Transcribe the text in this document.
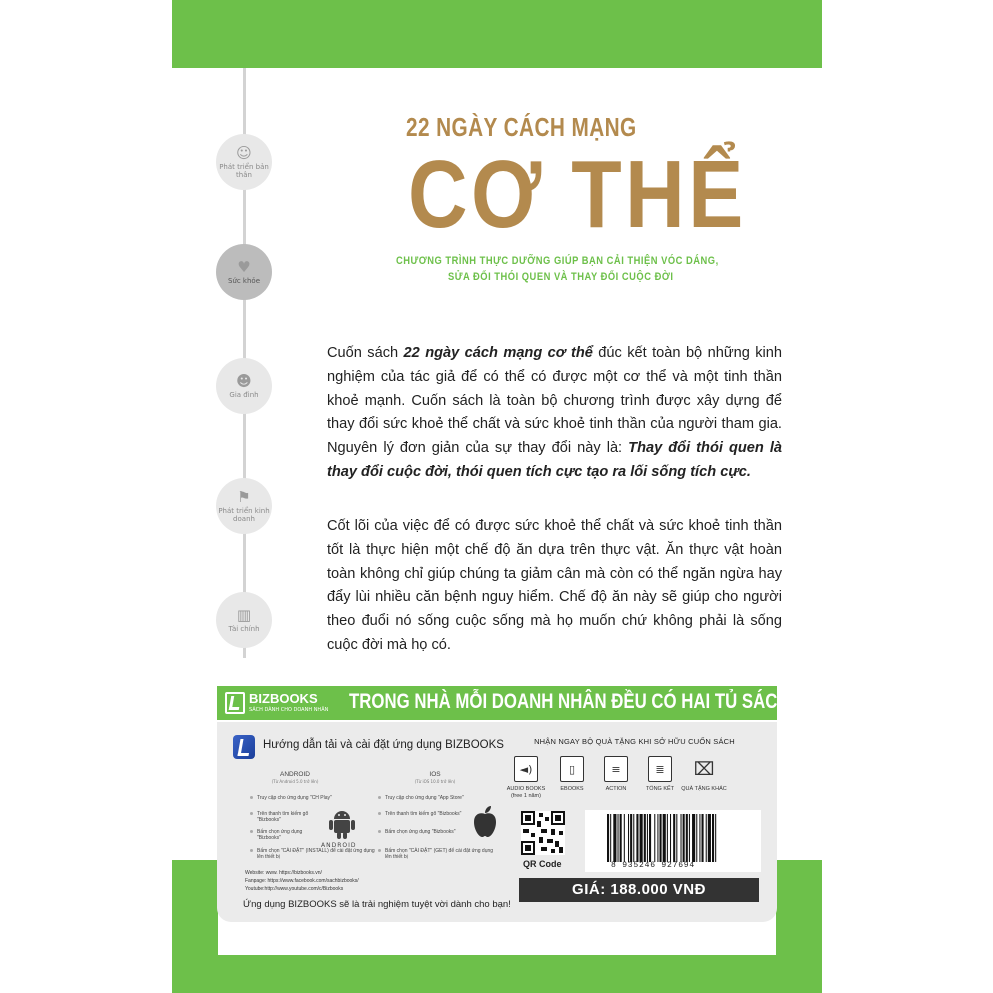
☺
Phát triển bản thân
♥
Sức khỏe
☻
Gia đình
⚑
Phát triển kinh doanh
▥
Tài chính
22 NGÀY CÁCH MẠNG
CƠ THỂ
CHƯƠNG TRÌNH THỰC DƯỠNG GIÚP BẠN CẢI THIỆN VÓC DÁNG,
SỬA ĐỔI THÓI QUEN VÀ THAY ĐỔI CUỘC ĐỜI

Cuốn sách 22 ngày cách mạng cơ thể đúc kết toàn bộ những kinh nghiệm của tác giả để có thể có được một cơ thể và một tinh thần khoẻ mạnh. Cuốn sách là toàn bộ chương trình được xây dựng để thay đổi sức khoẻ thể chất và sức khoẻ tinh thần của người tham gia. Nguyên lý đơn giản của sự thay đổi này là: Thay đổi thói quen là thay đổi cuộc đời, thói quen tích cực tạo ra lối sống tích cực.

Cốt lõi của việc để có được sức khoẻ thể chất và sức khoẻ tinh thần tốt là thực hiện một chế độ ăn dựa trên thực vật. Ăn thực vật hoàn toàn không chỉ giúp chúng ta giảm cân mà còn có thể ngăn ngừa hay đẩy lùi nhiều căn bệnh nguy hiểm. Chế độ ăn này sẽ giúp cho người theo đuổi nó sống cuộc sống mà họ muốn chứ không phải là sống cuộc đời mà họ có.

BIZBOOKS
SÁCH DÀNH CHO DOANH NHÂN TRONG NHÀ MỖI DOANH NHÂN ĐỀU CÓ HAI TỦ SÁCH
Hướng dẫn tải và cài đặt ứng dụng BIZBOOKS
ANDROID
(Từ Android 5.0 trở lên)
Truy cập cho ứng dụng "CH Play"
Trên thanh tìm kiếm gõ "Bizbooks"
Bấm chọn ứng dụng "Bizbooks"
Bấm chọn "CÀI ĐẶT" (INSTALL) để cài đặt ứng dụng lên thiết bị
ANDROID
IOS
(Từ iOS 10.0 trở lên)
Truy cập cho ứng dụng "App Store"
Trên thanh tìm kiếm gõ "Bizbooks"
Bấm chọn ứng dụng "Bizbooks"
Bấm chọn "CÀI ĐẶT" (GET) để cài đặt ứng dụng lên thiết bị
Website: www. https://bizbooks.vn/
Fanpage: https://www.facebook.com/sachbizbooks/
Youtube:http://www.youtube.com/c/Bizbooks
Ứng dụng BIZBOOKS sẽ là trải nghiệm tuyệt vời dành cho bạn!
NHẬN NGAY BỘ QUÀ TẶNG KHI SỞ HỮU CUỐN SÁCH
◄)
AUDIO BOOKS (free 1 năm)
▯
EBOOKS
≡
ACTION
≣
TỔNG KẾT
⌧
QUÀ TẶNG KHÁC
QR Code	8 935246 927694
GIÁ: 188.000 VNĐ
